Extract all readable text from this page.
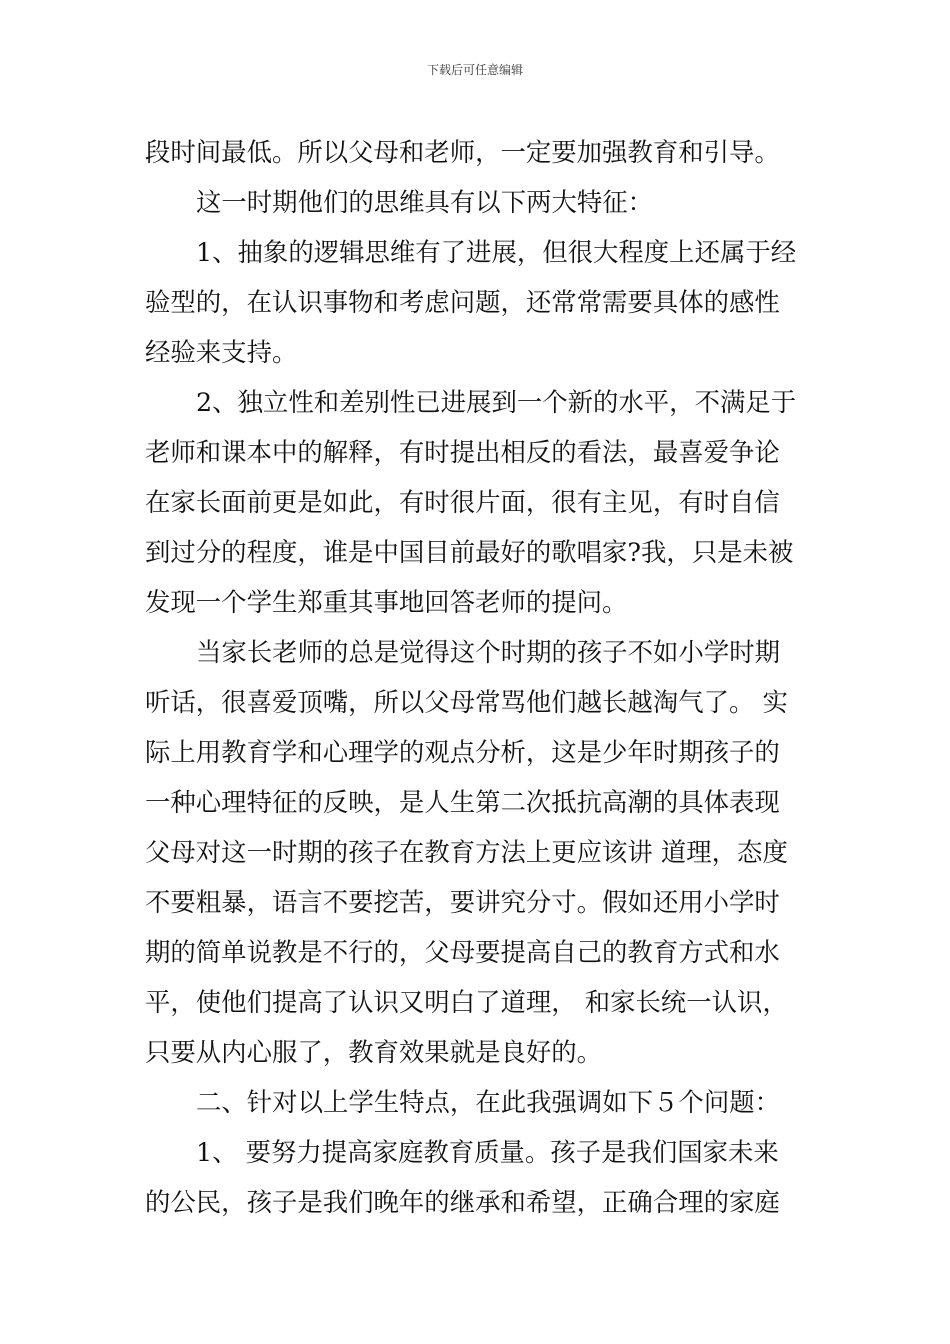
下载后可任意编辑
段时间最低。所以父母和老师，一定要加强教育和引导。
这一时期他们的思维具有以下两大特征：
1、抽象的逻辑思维有了进展，但很大程度上还属于经
验型的，在认识事物和考虑问题，还常常需要具体的感性
经验来支持。
2、独立性和差别性已进展到一个新的水平，不满足于
老师和课本中的解释，有时提出相反的看法，最喜爱争论
在家长面前更是如此，有时很片面，很有主见，有时自信
到过分的程度，谁是中国目前最好的歌唱家?我，只是未被
发现一个学生郑重其事地回答老师的提问。
当家长老师的总是觉得这个时期的孩子不如小学时期
听话，很喜爱顶嘴，所以父母常骂他们越长越淘气了。 实
际上用教育学和心理学的观点分析，这是少年时期孩子的
一种心理特征的反映，是人生第二次抵抗高潮的具体表现
父母对这一时期的孩子在教育方法上更应该讲 道理，态度
不要粗暴，语言不要挖苦，要讲究分寸。假如还用小学时
期的简单说教是不行的，父母要提高自己的教育方式和水
平，使他们提高了认识又明白了道理， 和家长统一认识，
只要从内心服了，教育效果就是良好的。
二、针对以上学生特点，在此我强调如下５个问题：
1、 要努力提高家庭教育质量。孩子是我们国家未来
的公民，孩子是我们晚年的继承和希望，正确合理的家庭
